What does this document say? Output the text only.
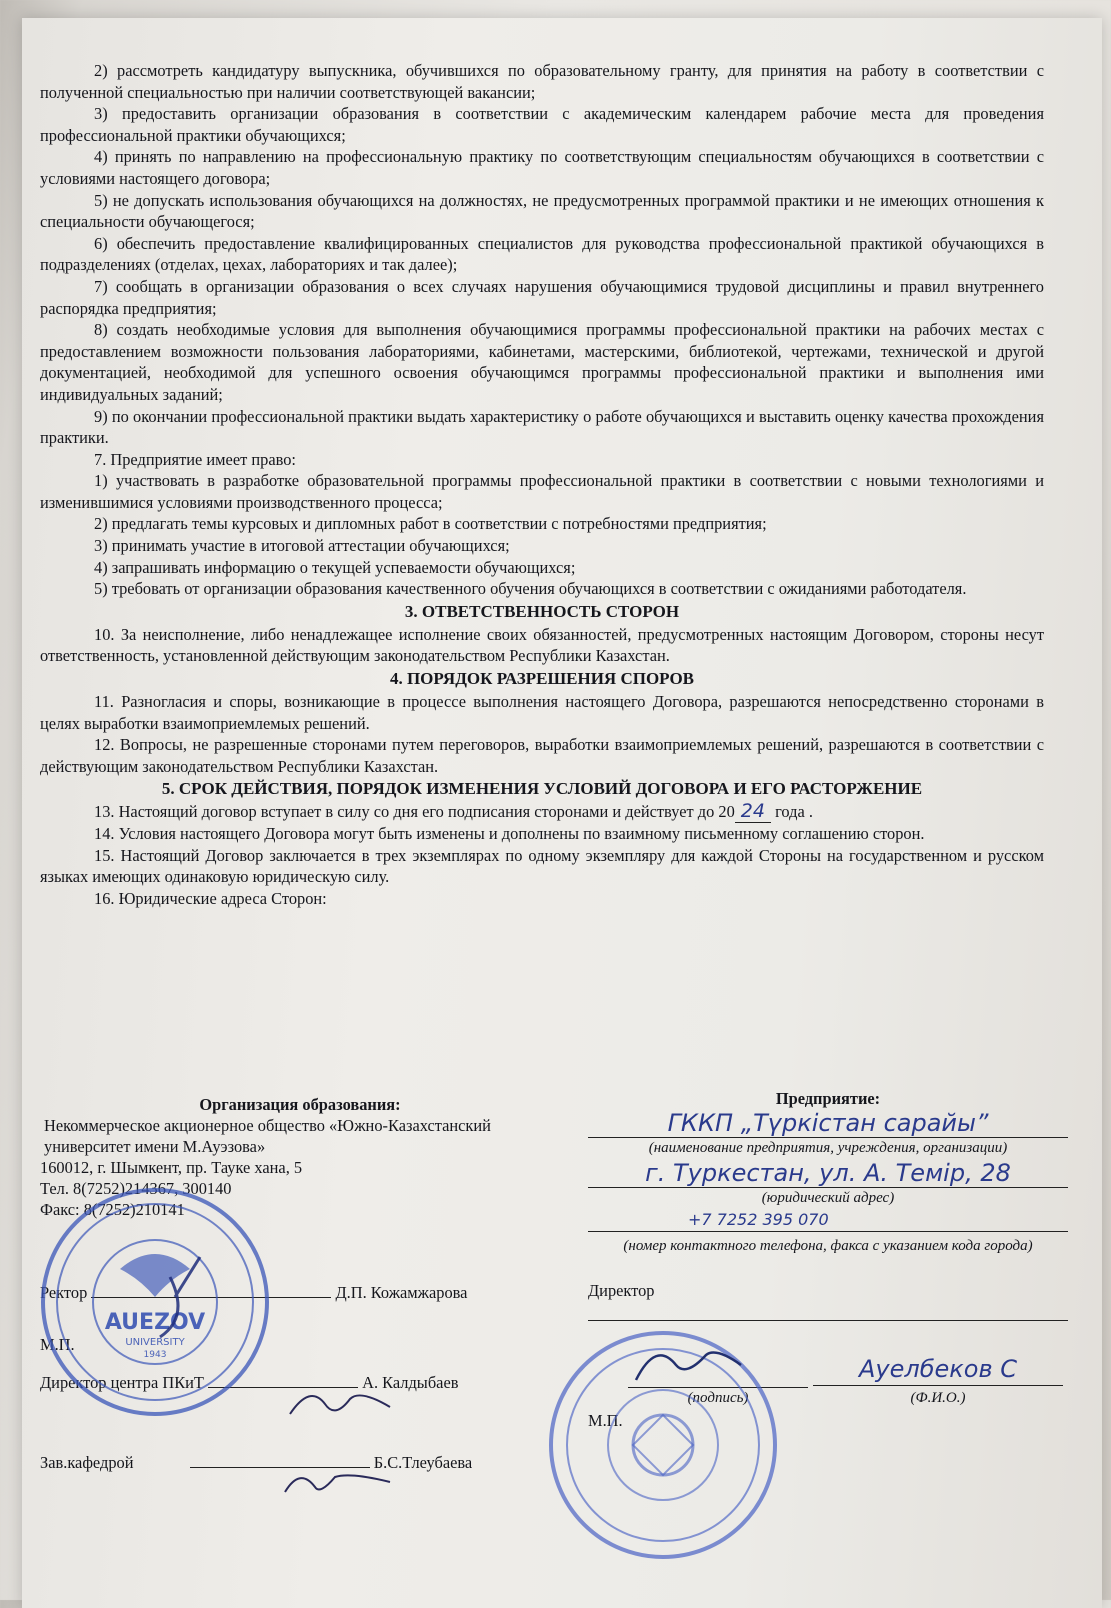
2) рассмотреть кандидатуру выпускника, обучившихся по образовательному гранту, для принятия на работу в соответствии с полученной специальностью при наличии соответствующей вакансии;

3) предоставить организации образования в соответствии с академическим календарем рабочие места для проведения профессиональной практики обучающихся;

4) принять по направлению на профессиональную практику по соответствующим специальностям обучающихся в соответствии с условиями настоящего договора;

5) не допускать использования обучающихся на должностях, не предусмотренных программой практики и не имеющих отношения к специальности обучающегося;

6) обеспечить предоставление квалифицированных специалистов для руководства профессиональной практикой обучающихся в подразделениях (отделах, цехах, лабораториях и так далее);

7) сообщать в организации образования о всех случаях нарушения обучающимися трудовой дисциплины и правил внутреннего распорядка предприятия;

8) создать необходимые условия для выполнения обучающимися программы профессиональной практики на рабочих местах с предоставлением возможности пользования лабораториями, кабинетами, мастерскими, библиотекой, чертежами, технической и другой документацией, необходимой для успешного освоения обучающимся программы профессиональной практики и выполнения ими индивидуальных заданий;

9) по окончании профессиональной практики выдать характеристику о работе обучающихся и выставить оценку качества прохождения практики.

7. Предприятие имеет право:

1) участвовать в разработке образовательной программы профессиональной практики в соответствии с новыми технологиями и изменившимися условиями производственного процесса;

2) предлагать темы курсовых и дипломных работ в соответствии с потребностями предприятия;

3) принимать участие в итоговой аттестации обучающихся;

4) запрашивать информацию о текущей успеваемости обучающихся;

5) требовать от организации образования качественного обучения обучающихся в соответствии с ожиданиями работодателя.

3. ОТВЕТСТВЕННОСТЬ СТОРОН

10. За неисполнение, либо ненадлежащее исполнение своих обязанностей, предусмотренных настоящим Договором, стороны несут ответственность, установленной действующим законодательством Республики Казахстан.

4. ПОРЯДОК РАЗРЕШЕНИЯ СПОРОВ

11. Разногласия и споры, возникающие в процессе выполнения настоящего Договора, разрешаются непосредственно сторонами в целях выработки взаимоприемлемых решений.

12. Вопросы, не разрешенные сторонами путем переговоров, выработки взаимоприемлемых решений, разрешаются в соответствии с действующим законодательством Республики Казахстан.

5. СРОК ДЕЙСТВИЯ, ПОРЯДОК ИЗМЕНЕНИЯ УСЛОВИЙ ДОГОВОРА И ЕГО РАСТОРЖЕНИЕ

13. Настоящий договор вступает в силу со дня его подписания сторонами и действует до 20 24 года .

14. Условия настоящего Договора могут быть изменены и дополнены по взаимному письменному соглашению сторон.

15. Настоящий Договор заключается в трех экземплярах по одному экземпляру для каждой Стороны на государственном и русском языках имеющих одинаковую юридическую силу.

16. Юридические адреса Сторон:

Организация образования:
Некоммерческое акционерное общество «Южно-Казахстанский университет имени М.Ауэзова»
160012, г. Шымкент, пр. Тауке хана, 5
Тел. 8(7252)214367, 300140
Факс: 8(7252)210141
Ректор	Д.П. Кожамжарова
М.П.
Директор центра ПКиТ	А. Калдыбаев
Зав.кафедрой	Б.С.Тлеубаева
AUEZOV
UNIVERSITY
1943
Предприятие:
ГККП „Түркістан сарайы”
(наименование предприятия, учреждения, организации)
г. Туркестан, ул. А. Темір, 28
(юридический адрес)
+7 7252 395 070
(номер контактного телефона, факса с указанием кода города)
Директор
(подпись)
Ауелбеков С
(Ф.И.О.)
М.П.
